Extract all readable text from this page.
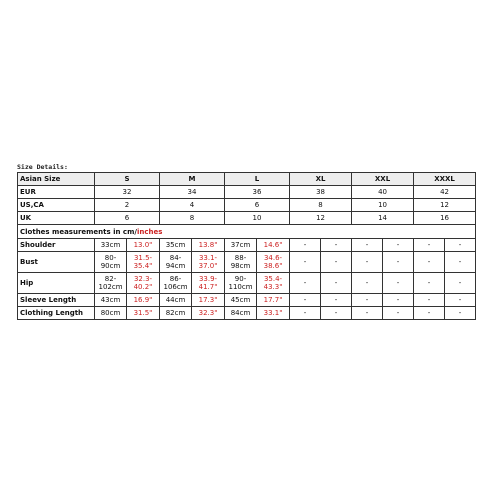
Size Details:
Asian Size	S		M		L		XL		XXL		XXXL	
EUR	32		34		36		38		40		42	
US,CA	2		4		6		8		10		12	
UK	6		8		10		12		14		16	
Clothes measurements in cm/inches												
Shoulder	33cm	13.0"	35cm	13.8"	37cm	14.6"	-	-	-	-	-	-
Bust	80-90cm	31.5-35.4"	84-94cm	33.1-37.0"	88-98cm	34.6-38.6"	-	-	-	-	-	-
Hip	82-102cm	32.3-40.2"	86-106cm	33.9-41.7"	90-110cm	35.4-43.3"	-	-	-	-	-	-
Sleeve Length	43cm	16.9"	44cm	17.3"	45cm	17.7"	-	-	-	-	-	-
Clothing Length	80cm	31.5"	82cm	32.3"	84cm	33.1"	-	-	-	-	-	-
